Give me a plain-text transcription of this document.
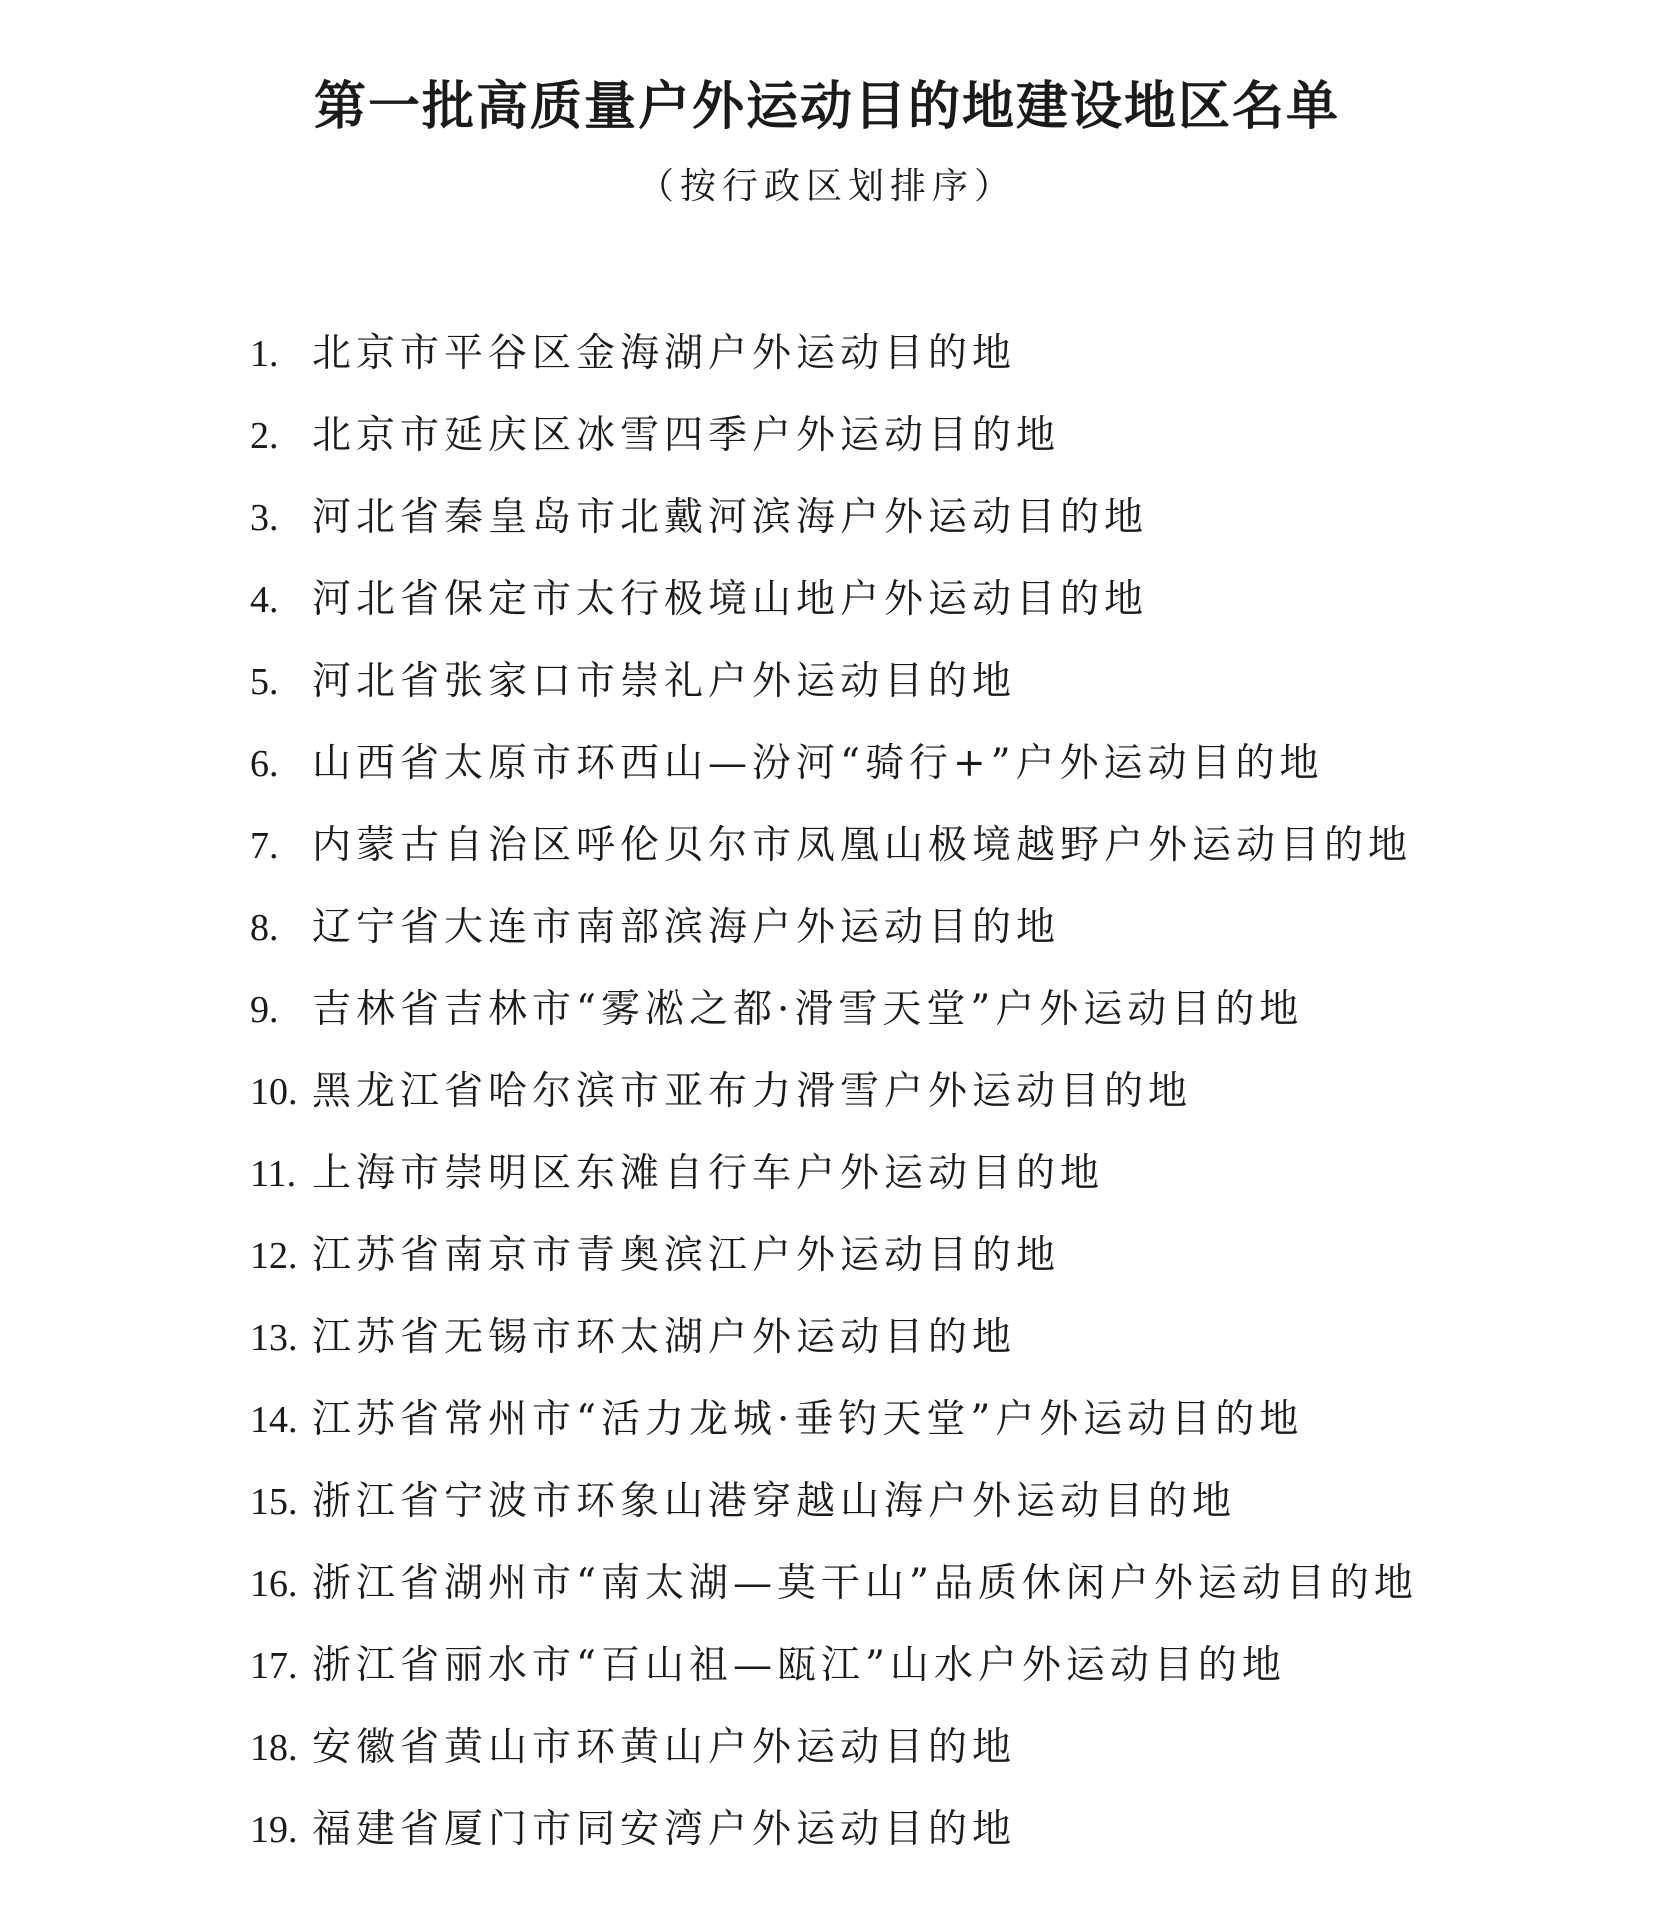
第一批高质量户外运动目的地建设地区名单
（按行政区划排序）
1. 北京市平谷区金海湖户外运动目的地
2. 北京市延庆区冰雪四季户外运动目的地
3. 河北省秦皇岛市北戴河滨海户外运动目的地
4. 河北省保定市太行极境山地户外运动目的地
5. 河北省张家口市崇礼户外运动目的地
6. 山西省太原市环西山—汾河“骑行+”户外运动目的地
7. 内蒙古自治区呼伦贝尔市凤凰山极境越野户外运动目的地
8. 辽宁省大连市南部滨海户外运动目的地
9. 吉林省吉林市“雾凇之都·滑雪天堂”户外运动目的地
10. 黑龙江省哈尔滨市亚布力滑雪户外运动目的地
11. 上海市崇明区东滩自行车户外运动目的地
12. 江苏省南京市青奥滨江户外运动目的地
13. 江苏省无锡市环太湖户外运动目的地
14. 江苏省常州市“活力龙城·垂钓天堂”户外运动目的地
15. 浙江省宁波市环象山港穿越山海户外运动目的地
16. 浙江省湖州市“南太湖—莫干山”品质休闲户外运动目的地
17. 浙江省丽水市“百山祖—瓯江”山水户外运动目的地
18. 安徽省黄山市环黄山户外运动目的地
19. 福建省厦门市同安湾户外运动目的地
